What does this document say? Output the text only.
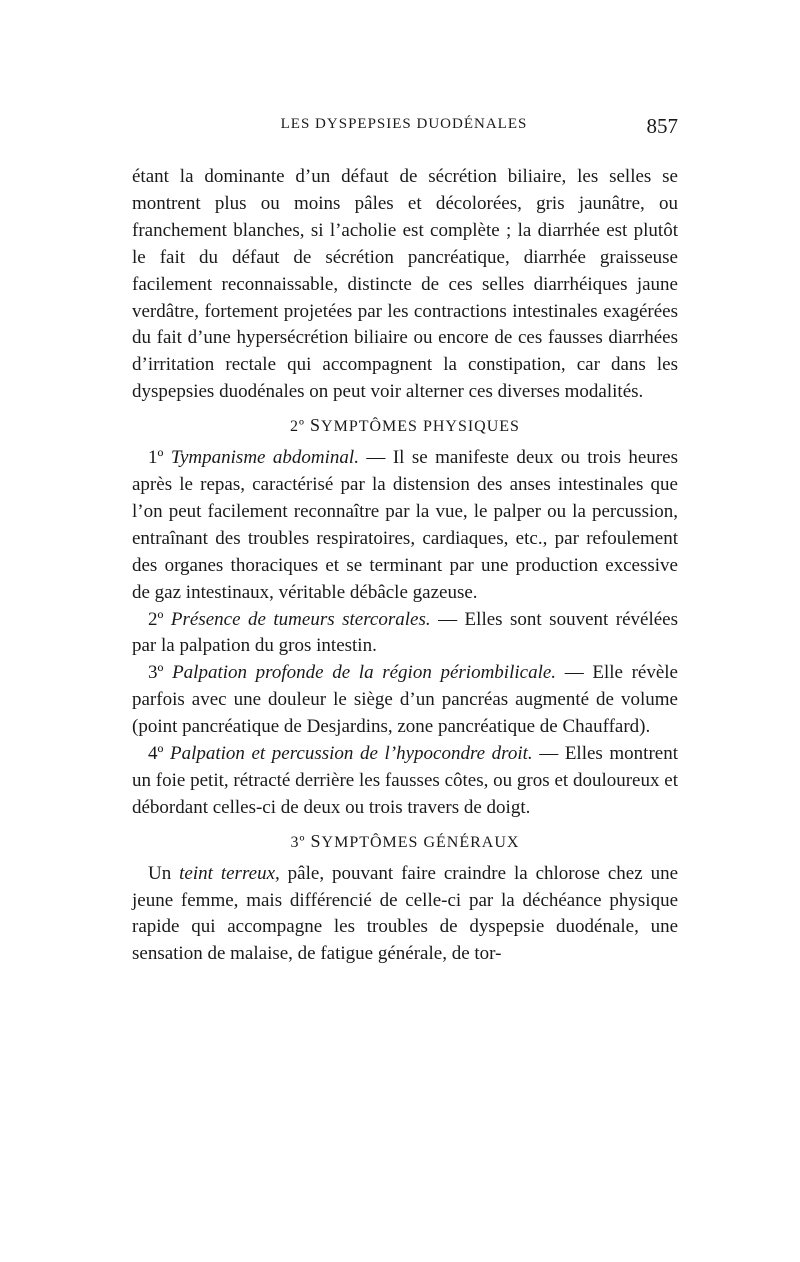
LES DYSPEPSIES DUODÉNALES	857

étant la dominante d’un défaut de sécrétion biliaire, les selles se montrent plus ou moins pâles et décolorées, gris jaunâtre, ou franchement blanches, si l’acholie est complète ; la diarrhée est plutôt le fait du défaut de sécrétion pancréatique, diarrhée graisseuse facilement reconnaissable, distincte de ces selles diarrhéiques jaune verdâtre, fortement projetées par les contractions intestinales exagérées du fait d’une hypersécrétion biliaire ou encore de ces fausses diarrhées d’irritation rectale qui accompagnent la constipation, car dans les dyspepsies duodénales on peut voir alterner ces diverses modalités.

2º SYMPTÔMES PHYSIQUES

1º Tympanisme abdominal. — Il se manifeste deux ou trois heures après le repas, caractérisé par la distension des anses intestinales que l’on peut facilement reconnaître par la vue, le palper ou la percussion, entraînant des troubles respiratoires, cardiaques, etc., par refoulement des organes thoraciques et se terminant par une production excessive de gaz intestinaux, véritable débâcle gazeuse.

2º Présence de tumeurs stercorales. — Elles sont souvent révélées par la palpation du gros intestin.

3º Palpation profonde de la région périombilicale. — Elle révèle parfois avec une douleur le siège d’un pancréas augmenté de volume (point pancréatique de Desjardins, zone pancréatique de Chauffard).

4º Palpation et percussion de l’hypocondre droit. — Elles montrent un foie petit, rétracté derrière les fausses côtes, ou gros et douloureux et débordant celles-ci de deux ou trois travers de doigt.

3º SYMPTÔMES GÉNÉRAUX

Un teint terreux, pâle, pouvant faire craindre la chlorose chez une jeune femme, mais différencié de celle-ci par la déchéance physique rapide qui accompagne les troubles de dyspepsie duodénale, une sensation de malaise, de fatigue générale, de tor-
